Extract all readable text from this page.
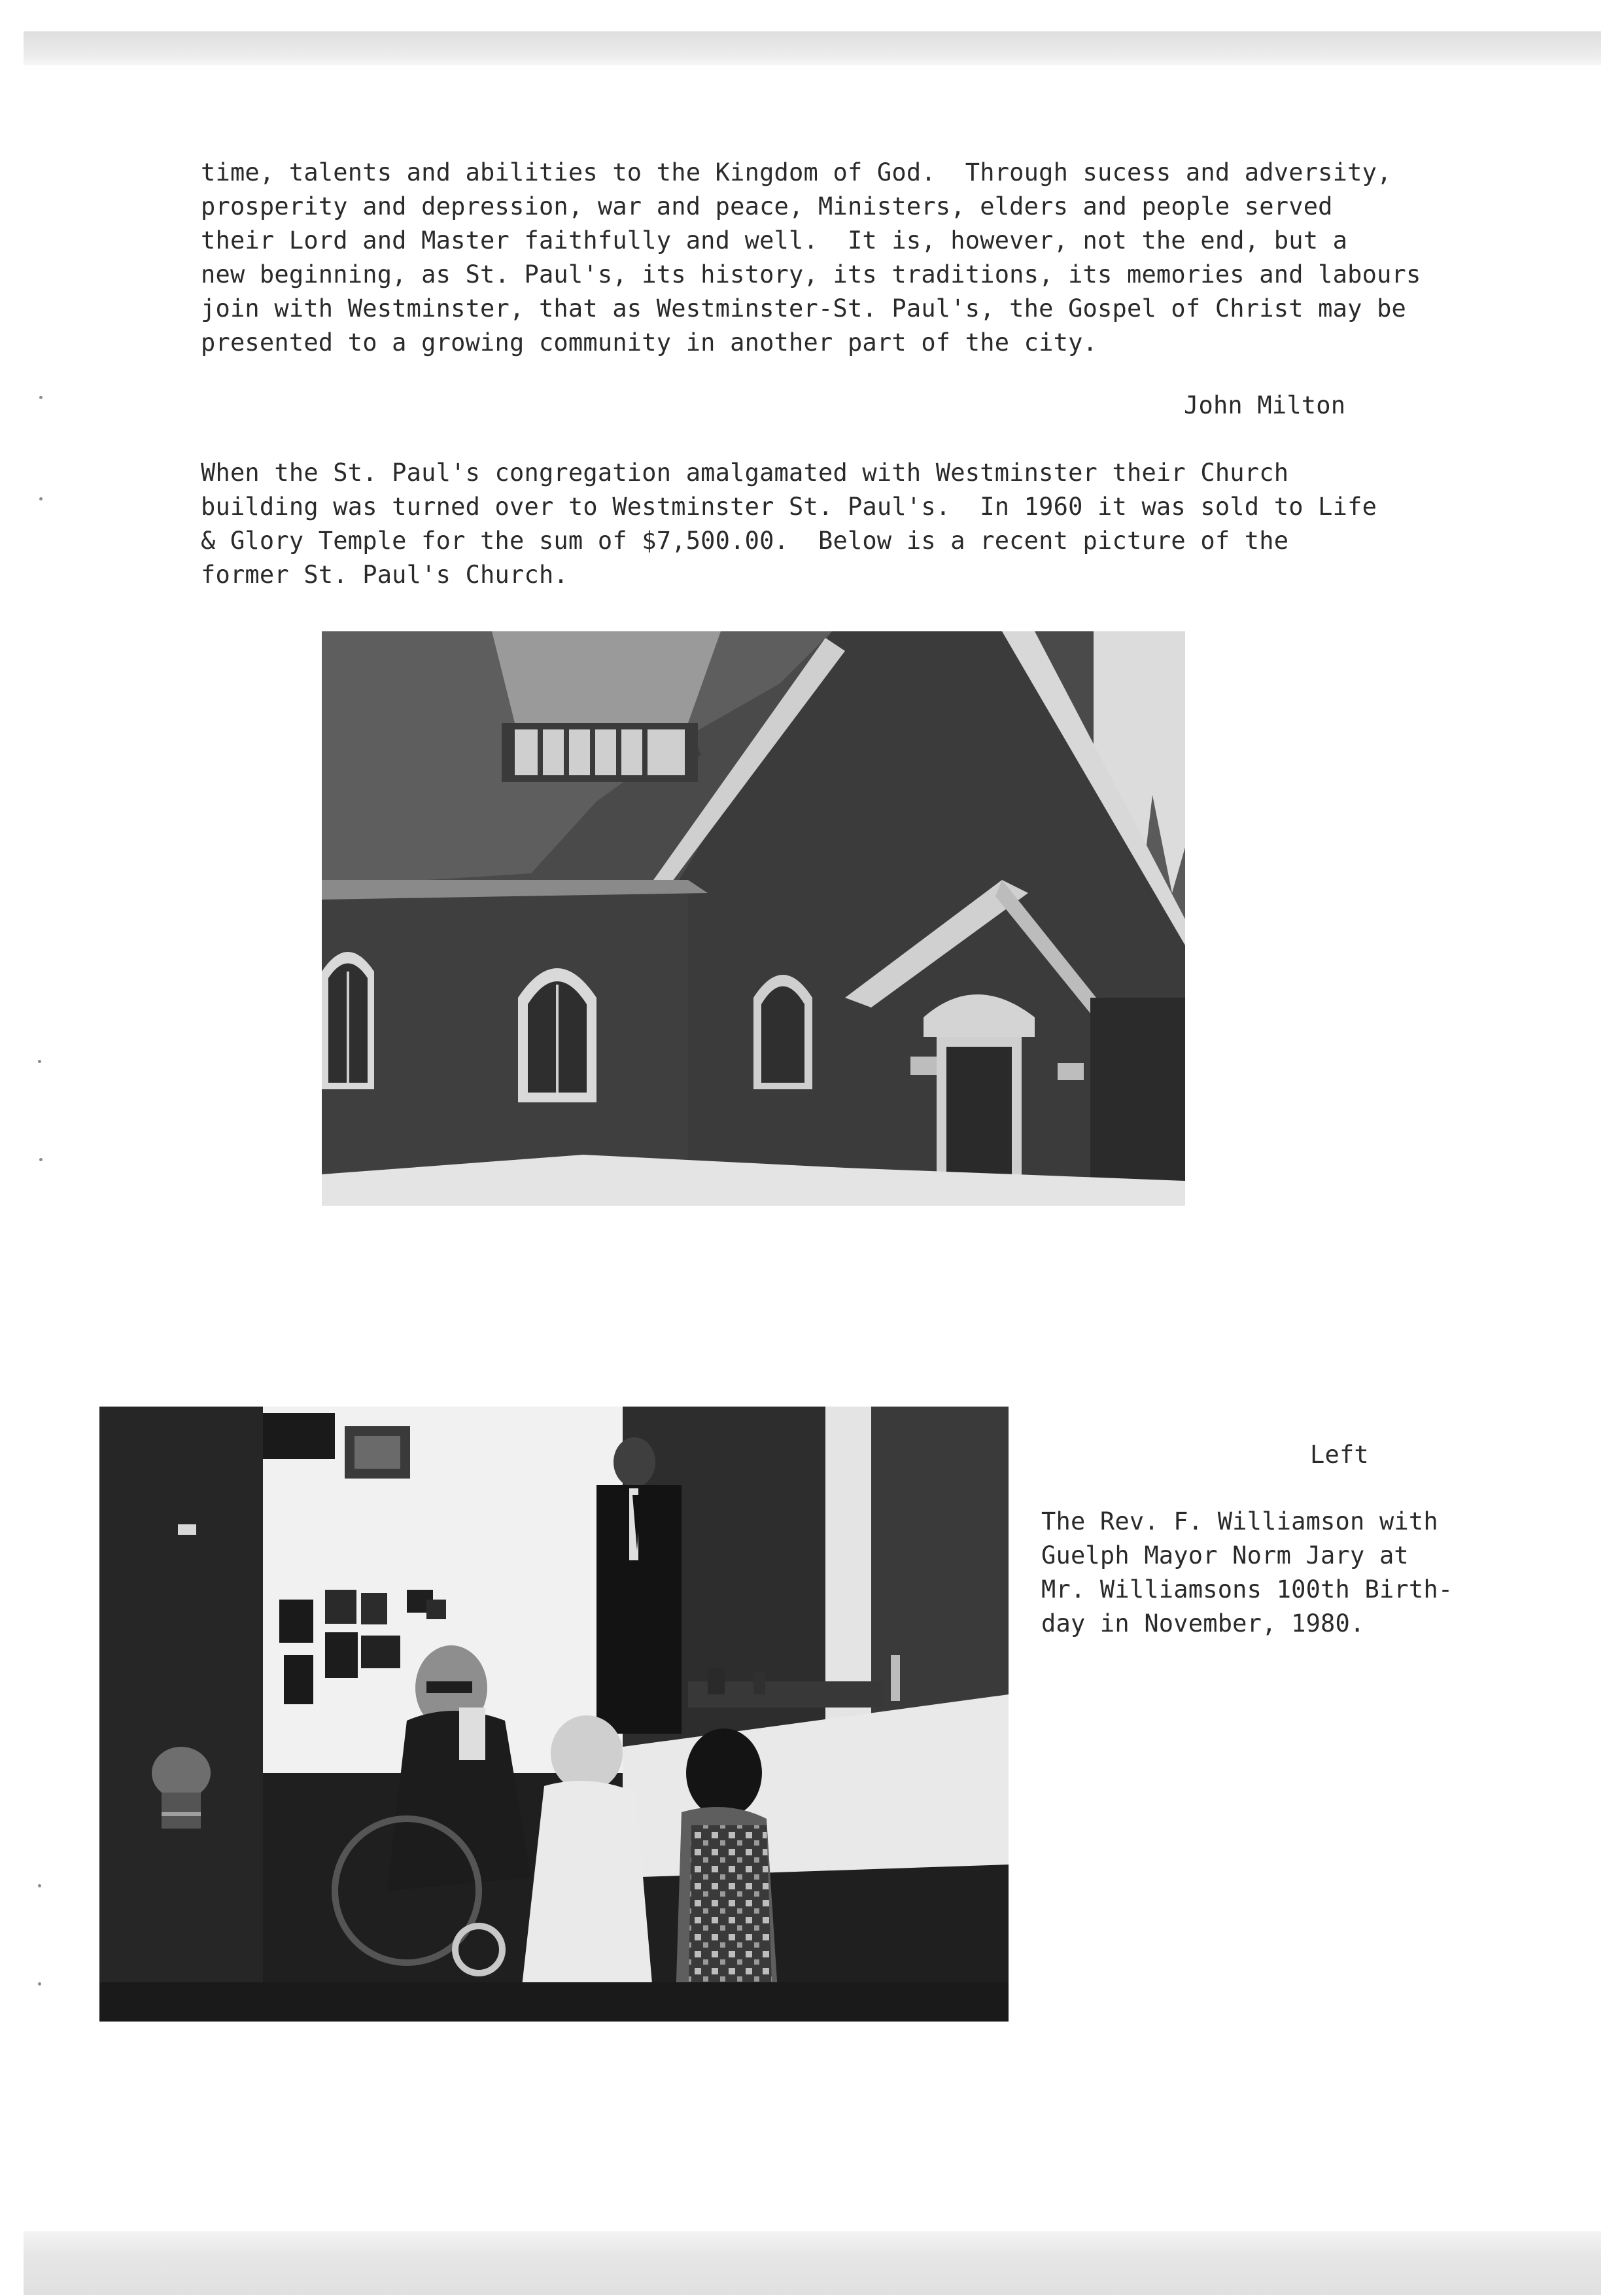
time, talents and abilities to the Kingdom of God.  Through sucess and adversity,
prosperity and depression, war and peace, Ministers, elders and people served
their Lord and Master faithfully and well.  It is, however, not the end, but a
new beginning, as St. Paul's, its history, its traditions, its memories and labours
join with Westminster, that as Westminster-St. Paul's, the Gospel of Christ may be
presented to a growing community in another part of the city.
John Milton
When the St. Paul's congregation amalgamated with Westminster their Church
building was turned over to Westminster St. Paul's.  In 1960 it was sold to Life
& Glory Temple for the sum of $7,500.00.  Below is a recent picture of the
former St. Paul's Church.
Left
The Rev. F. Williamson with
Guelph Mayor Norm Jary at
Mr. Williamsons 100th Birth-
day in November, 1980.
